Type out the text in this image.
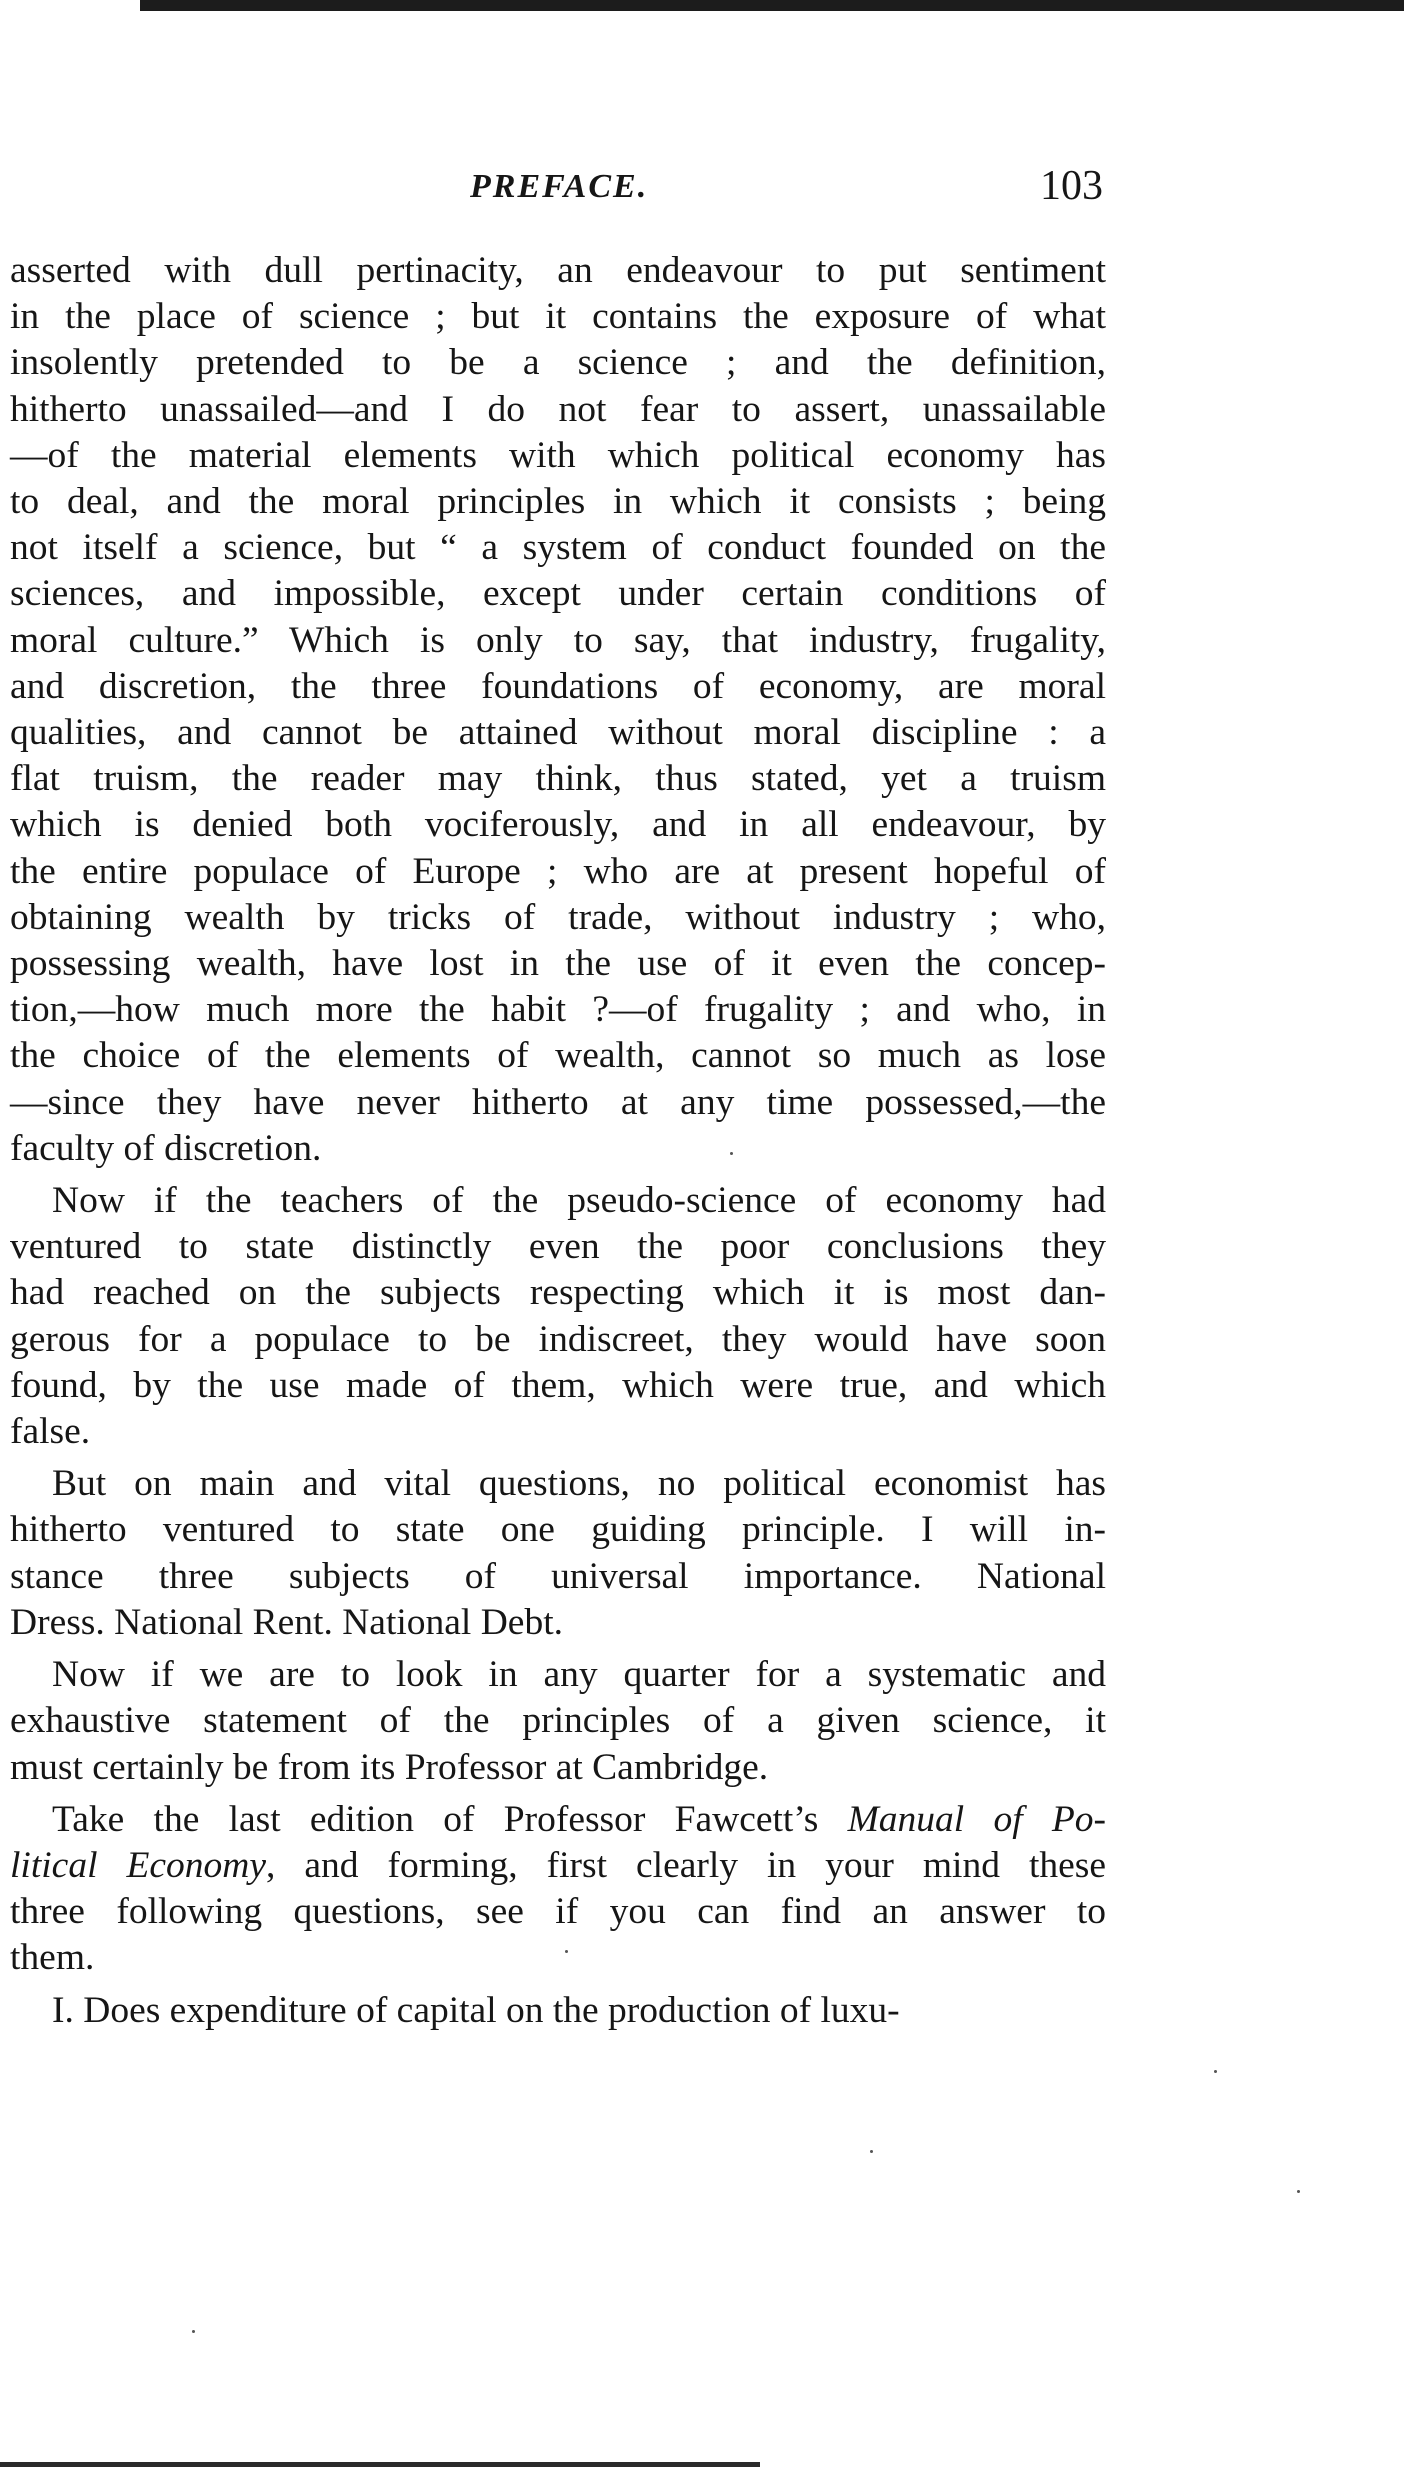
PREFACE.	103
asserted with dull pertinacity, an endeavour to put sentiment
in the place of science ; but it contains the exposure of what
insolently pretended to be a science ; and the definition,
hitherto unassailed—and I do not fear to assert, unassailable
—of the material elements with which political economy has
to deal, and the moral principles in which it consists ; being
not itself a science, but “ a system of conduct founded on the
sciences, and impossible, except under certain conditions of
moral culture.” Which is only to say, that industry, frugality,
and discretion, the three foundations of economy, are moral
qualities, and cannot be attained without moral discipline : a
flat truism, the reader may think, thus stated, yet a truism
which is denied both vociferously, and in all endeavour, by
the entire populace of Europe ; who are at present hopeful of
obtaining wealth by tricks of trade, without industry ; who,
possessing wealth, have lost in the use of it even the concep-
tion,—how much more the habit ?—of frugality ; and who, in
the choice of the elements of wealth, cannot so much as lose
—since they have never hitherto at any time possessed,—the
faculty of discretion.
Now if the teachers of the pseudo-science of economy had
ventured to state distinctly even the poor conclusions they
had reached on the subjects respecting which it is most dan-
gerous for a populace to be indiscreet, they would have soon
found, by the use made of them, which were true, and which
false.
But on main and vital questions, no political economist has
hitherto ventured to state one guiding principle. I will in-
stance three subjects of universal importance. National
Dress. National Rent. National Debt.
Now if we are to look in any quarter for a systematic and
exhaustive statement of the principles of a given science, it
must certainly be from its Professor at Cambridge.
Take the last edition of Professor Fawcett’s Manual of Po-
litical Economy, and forming, first clearly in your mind these
three following questions, see if you can find an answer to
them.
I. Does expenditure of capital on the production of luxu-
